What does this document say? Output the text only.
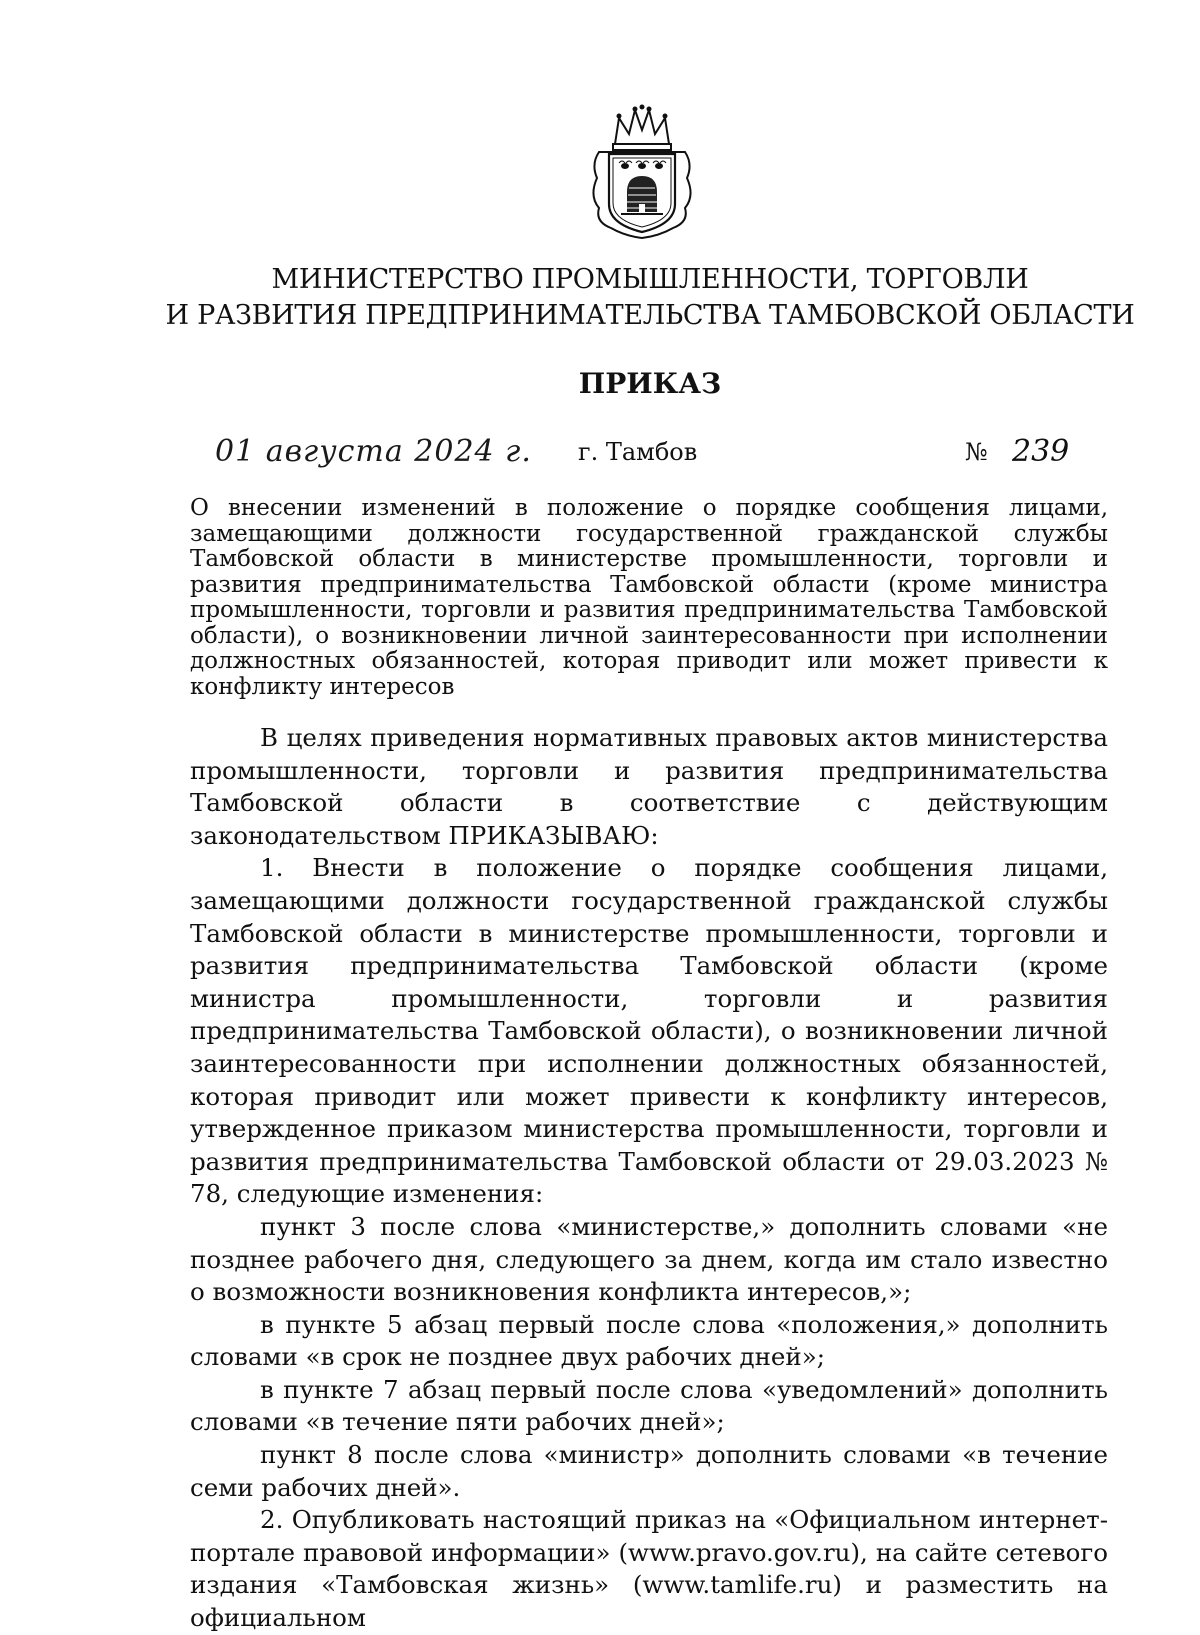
МИНИСТЕРСТВО ПРОМЫШЛЕННОСТИ, ТОРГОВЛИ
И РАЗВИТИЯ ПРЕДПРИНИМАТЕЛЬСТВА ТАМБОВСКОЙ ОБЛАСТИ
ПРИКАЗ
01 августа 2024 г. г. Тамбов	№ 239
О внесении изменений в положение о порядке сообщения лицами, замещающими должности государственной гражданской службы Тамбовской области в министерстве промышленности, торговли и развития предпринимательства Тамбовской области (кроме министра промышленности, торговли и развития предпринимательства Тамбовской области), о возникновении личной заинтересованности при исполнении должностных обязанностей, которая приводит или может привести к конфликту интересов

В целях приведения нормативных правовых актов министерства промышленности, торговли и развития предпринимательства Тамбовской области в соответствие с действующим законодательством ПРИКАЗЫВАЮ:

1. Внести в положение о порядке сообщения лицами, замещающими должности государственной гражданской службы Тамбовской области в министерстве промышленности, торговли и развития предпринимательства Тамбовской области (кроме министра промышленности, торговли и развития предпринимательства Тамбовской области), о возникновении личной заинтересованности при исполнении должностных обязанностей, которая приводит или может привести к конфликту интересов, утвержденное приказом министерства промышленности, торговли и развития предпринимательства Тамбовской области от 29.03.2023 № 78, следующие изменения:

пункт 3 после слова «министерстве,» дополнить словами «не позднее рабочего дня, следующего за днем, когда им стало известно о возможности возникновения конфликта интересов,»;

в пункте 5 абзац первый после слова «положения,» дополнить словами «в срок не позднее двух рабочих дней»;

в пункте 7 абзац первый после слова «уведомлений» дополнить словами «в течение пяти рабочих дней»;

пункт 8 после слова «министр» дополнить словами «в течение семи рабочих дней».

2. Опубликовать настоящий приказ на «Официальном интернет-портале правовой информации» (www.pravo.gov.ru), на сайте сетевого издания «Тамбовская жизнь» (www.tamlife.ru) и разместить на официальном
